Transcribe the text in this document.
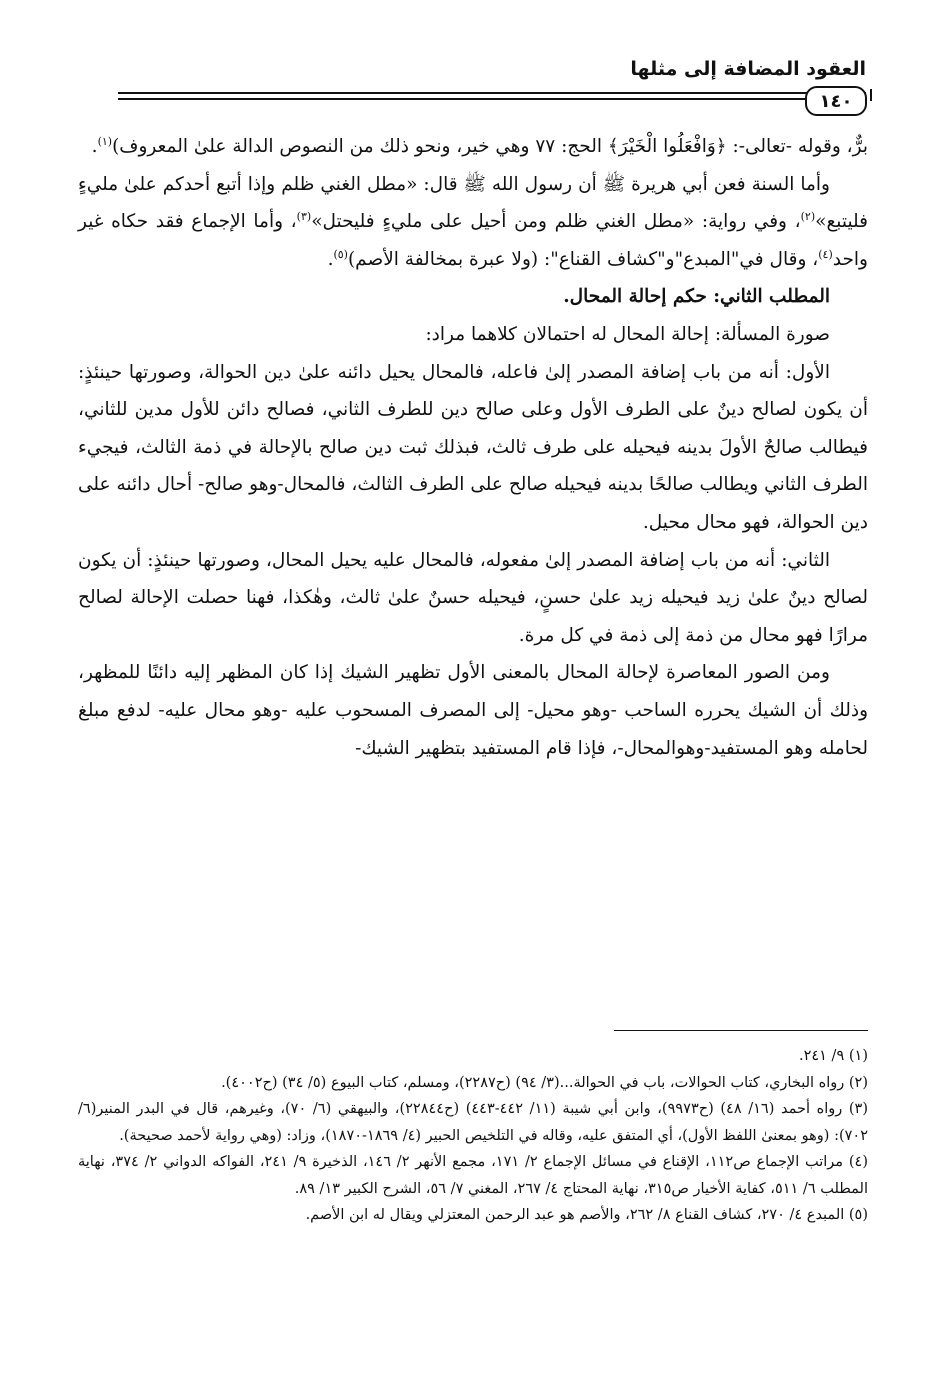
العقود المضافة إلى مثلها
١٤٠

برٌّ، وقوله -تعالى-: ﴿وَافْعَلُوا الْخَيْرَ﴾ الحج: ٧٧ وهي خير، ونحو ذلك من النصوص الدالة علىٰ المعروف)$^{(١)}$.

وأما السنة فعن أبي هريرة ﷺ أن رسول الله ﷺ قال: «مطل الغني ظلم وإذا أتبع أحدكم علىٰ مليءٍ فليتبع»$^{(٢)}$، وفي رواية: «مطل الغني ظلم ومن أحيل على مليءٍ فليحتل»$^{(٣)}$، وأما الإجماع فقد حكاه غير واحد$^{(٤)}$، وقال في"المبدع"و"كشاف القناع": (ولا عبرة بمخالفة الأصم)$^{(٥)}$.

المطلب الثاني: حكم إحالة المحال.

صورة المسألة: إحالة المحال له احتمالان كلاهما مراد:

الأول: أنه من باب إضافة المصدر إلىٰ فاعله، فالمحال يحيل دائنه علىٰ دين الحوالة، وصورتها حينئذٍ: أن يكون لصالح دينٌ على الطرف الأول وعلى صالح دين للطرف الثاني، فصالح دائن للأول مدين للثاني، فيطالب صالحٌ الأولَ بدينه فيحيله على طرف ثالث، فبذلك ثبت دين صالح بالإحالة في ذمة الثالث، فيجيء الطرف الثاني ويطالب صالحًا بدينه فيحيله صالح على الطرف الثالث، فالمحال-وهو صالح- أحال دائنه على دين الحوالة، فهو محال محيل.

الثاني: أنه من باب إضافة المصدر إلىٰ مفعوله، فالمحال عليه يحيل المحال، وصورتها حينئذٍ: أن يكون لصالح دينٌ علىٰ زيد فيحيله زيد علىٰ حسنٍ، فيحيله حسنٌ علىٰ ثالث، وهٰكذا، فهنا حصلت الإحالة لصالح مرارًا فهو محال من ذمة إلى ذمة في كل مرة.

ومن الصور المعاصرة لإحالة المحال بالمعنى الأول تظهير الشيك إذا كان المظهر إليه دائنًا للمظهر، وذلك أن الشيك يحرره الساحب -وهو محيل- إلى المصرف المسحوب عليه -وهو محال عليه- لدفع مبلغ لحامله وهو المستفيد-وهوالمحال-، فإذا قام المستفيد بتظهير الشيك-

(١) ٩/ ٢٤١.

(٢) رواه البخاري، كتاب الحوالات، باب في الحوالة...(٣/ ٩٤) (ح٢٢٨٧)، ومسلم، كتاب البيوع (٥/ ٣٤) (ح٤٠٠٢).

(٣) رواه أحمد (١٦/ ٤٨) (ح٩٩٧٣)، وابن أبي شيبة (١١/ ٤٤٢-٤٤٣) (ح٢٢٨٤٤)، والبيهقي (٦/ ٧٠)، وغيرهم، قال في البدر المنير(٦/ ٧٠٢): (وهو بمعنىٰ اللفظ الأول)، أي المتفق عليه، وقاله في التلخيص الحبير (٤/ ١٨٦٩-١٨٧٠)، وزاد: (وهي رواية لأحمد صحيحة).

(٤) مراتب الإجماع ص١١٢، الإقناع في مسائل الإجماع ٢/ ١٧١، مجمع الأنهر ٢/ ١٤٦، الذخيرة ٩/ ٢٤١، الفواكه الدواني ٢/ ٣٧٤، نهاية المطلب ٦/ ٥١١، كفاية الأخيار ص٣١٥، نهاية المحتاج ٤/ ٢٦٧، المغني ٧/ ٥٦، الشرح الكبير ١٣/ ٨٩.

(٥) المبدع ٤/ ٢٧٠، كشاف القناع ٨/ ٢٦٢، والأصم هو عبد الرحمن المعتزلي ويقال له ابن الأصم.
